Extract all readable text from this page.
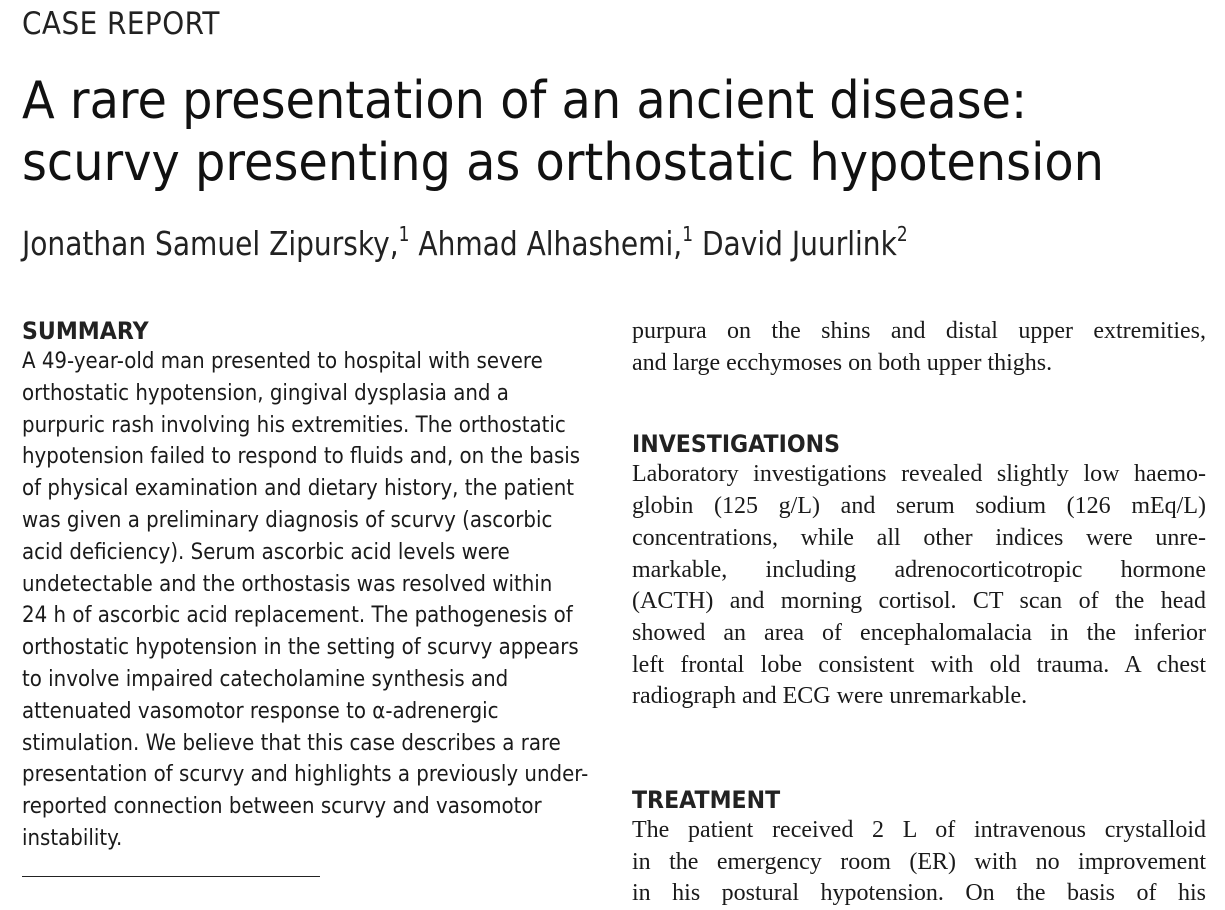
CASE REPORT
A rare presentation of an ancient disease: scurvy presenting as orthostatic hypotension
Jonathan Samuel Zipursky,$^1$ Ahmad Alhashemi,$^1$ David Juurlink$^2$
SUMMARY
A 49-year-old man presented to hospital with severe
orthostatic hypotension, gingival dysplasia and a
purpuric rash involving his extremities. The orthostatic
hypotension failed to respond to fluids and, on the basis
of physical examination and dietary history, the patient
was given a preliminary diagnosis of scurvy (ascorbic
acid deficiency). Serum ascorbic acid levels were
undetectable and the orthostasis was resolved within
24 h of ascorbic acid replacement. The pathogenesis of
orthostatic hypotension in the setting of scurvy appears
to involve impaired catecholamine synthesis and
attenuated vasomotor response to α-adrenergic
stimulation. We believe that this case describes a rare
presentation of scurvy and highlights a previously under-
reported connection between scurvy and vasomotor
instability.
purpura on the shins and distal upper extremities,
and large ecchymoses on both upper thighs.
INVESTIGATIONS
Laboratory investigations revealed slightly low haemo-
globin (125 g/L) and serum sodium (126 mEq/L)
concentrations, while all other indices were unre-
markable, including adrenocorticotropic hormone
(ACTH) and morning cortisol. CT scan of the head
showed an area of encephalomalacia in the inferior
left frontal lobe consistent with old trauma. A chest
radiograph and ECG were unremarkable.
TREATMENT
The patient received 2 L of intravenous crystalloid
in the emergency room (ER) with no improvement
in his postural hypotension. On the basis of his
